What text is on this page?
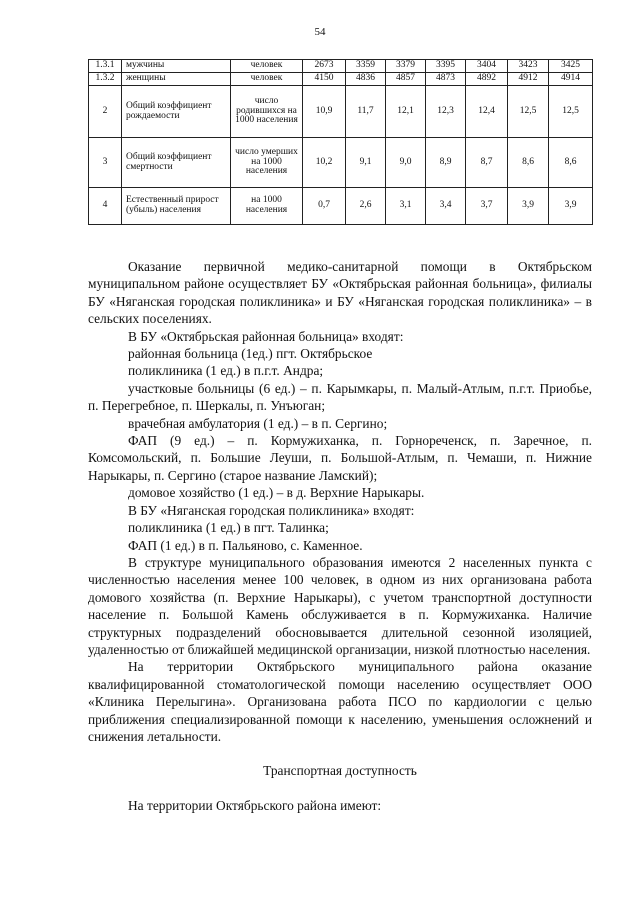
54
1.3.1	мужчины	человек	2673	3359	3379	3395	3404	3423	3425
1.3.2	женщины	человек	4150	4836	4857	4873	4892	4912	4914
2	Общий коэффициент рождаемости	число родившихся на 1000 населения	10,9	11,7	12,1	12,3	12,4	12,5	12,5
3	Общий коэффициент смертности	число умерших на 1000 населения	10,2	9,1	9,0	8,9	8,7	8,6	8,6
4	Естественный прирост (убыль) населения	на 1000 населения	0,7	2,6	3,1	3,4	3,7	3,9	3,9

Оказание первичной медико-санитарной помощи в Октябрьском муниципальном районе осуществляет БУ «Октябрьская районная больница», филиалы БУ «Няганская городская поликлиника» и БУ «Няганская городская поликлиника» – в сельских поселениях.

В БУ «Октябрьская районная больница» входят:

районная больница (1ед.) пгт. Октябрьское

поликлиника (1 ед.) в п.г.т. Андра;

участковые больницы (6 ед.) – п. Карымкары, п. Малый-Атлым, п.г.т. Приобье, п. Перегребное, п. Шеркалы, п. Унъюган;

врачебная амбулатория (1 ед.) – в п. Сергино;

ФАП (9 ед.) – п. Кормужиханка, п. Горнореченск, п. Заречное, п. Комсомольский, п. Большие Леуши, п. Большой-Атлым, п. Чемаши, п. Нижние Нарыкары, п. Сергино (старое название Ламский);

домовое хозяйство (1 ед.) – в д. Верхние Нарыкары.

В БУ «Няганская городская поликлиника» входят:

поликлиника (1 ед.) в пгт. Талинка;

ФАП (1 ед.) в п. Пальяново, с. Каменное.

В структуре муниципального образования имеются 2 населенных пункта с численностью населения менее 100 человек, в одном из них организована работа домового хозяйства (п. Верхние Нарыкары), с учетом транспортной доступности население п. Большой Камень обслуживается в п. Кормужиханка. Наличие структурных подразделений обосновывается длительной сезонной изоляцией, удаленностью от ближайшей медицинской организации, низкой плотностью населения.

На территории Октябрьского муниципального района оказание квалифицированной стоматологической помощи населению осуществляет ООО «Клиника Перелыгина». Организована работа ПСО по кардиологии с целью приближения специализированной помощи к населению, уменьшения осложнений и снижения летальности.

Транспортная доступность

На территории Октябрьского района имеют:
